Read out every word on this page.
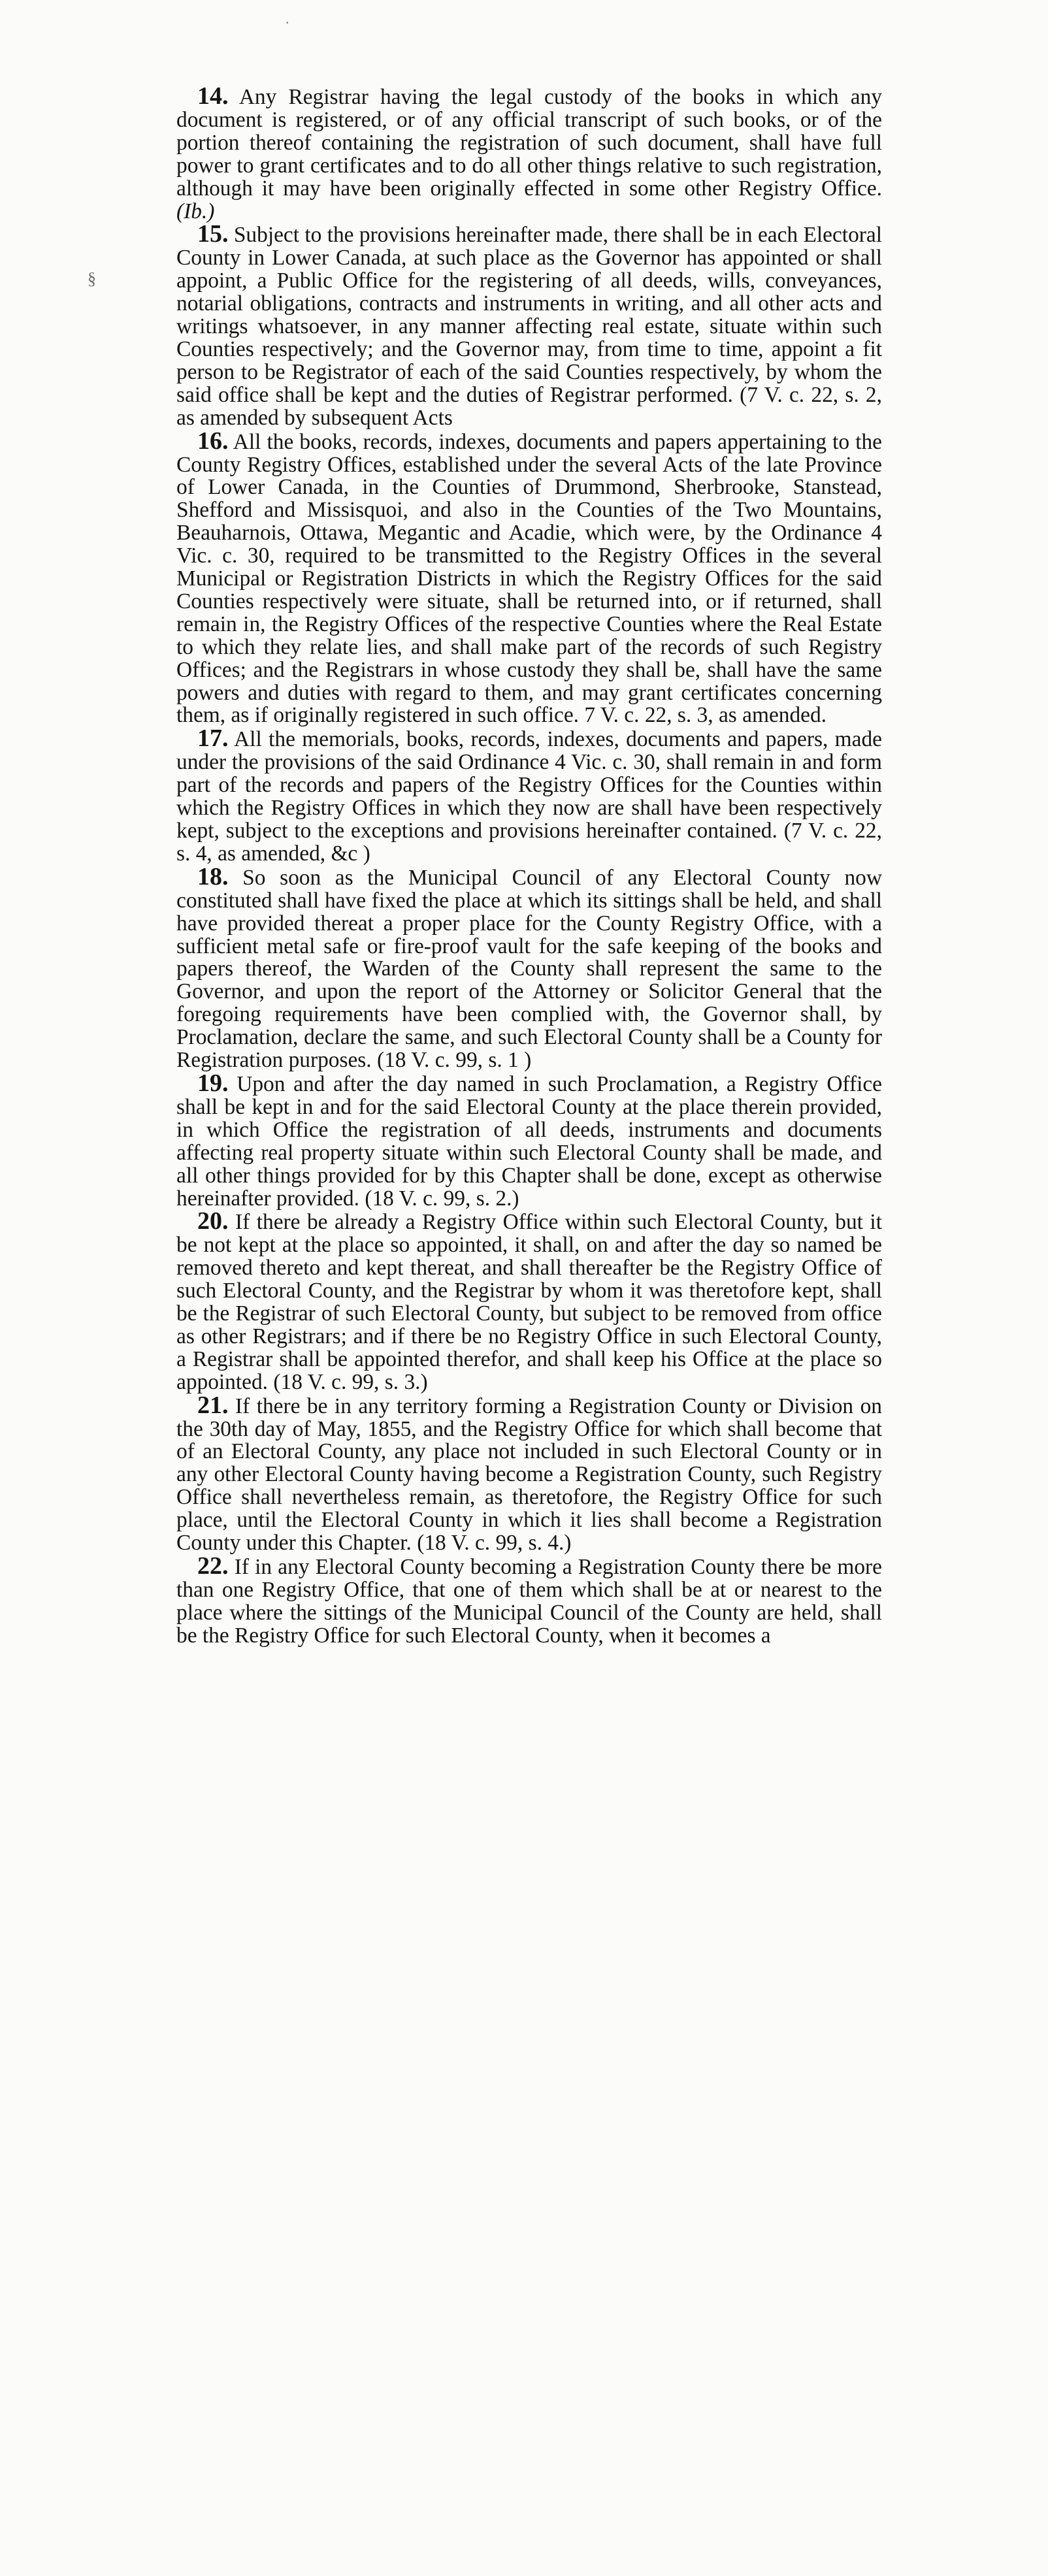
·
§

14. Any Registrar having the legal custody of the books in which any document is registered, or of any official transcript of such books, or of the portion thereof containing the registration of such document, shall have full power to grant certificates and to do all other things relative to such registration, although it may have been originally effected in some other Registry Office. (Ib.)

15. Subject to the provisions hereinafter made, there shall be in each Electoral County in Lower Canada, at such place as the Governor has appointed or shall appoint, a Public Office for the registering of all deeds, wills, conveyances, notarial obligations, contracts and instruments in writing, and all other acts and writings whatsoever, in any manner affecting real estate, situate within such Counties respectively; and the Governor may, from time to time, appoint a fit person to be Registrator of each of the said Counties respectively, by whom the said office shall be kept and the duties of Registrar performed. (7 V. c. 22, s. 2, as amended by subsequent Acts

16. All the books, records, indexes, documents and papers appertaining to the County Registry Offices, established under the several Acts of the late Province of Lower Canada, in the Counties of Drummond, Sherbrooke, Stanstead, Shefford and Missisquoi, and also in the Counties of the Two Mountains, Beauharnois, Ottawa, Megantic and Acadie, which were, by the Ordinance 4 Vic. c. 30, required to be transmitted to the Registry Offices in the several Municipal or Registration Districts in which the Registry Offices for the said Counties respectively were situate, shall be returned into, or if returned, shall remain in, the Registry Offices of the respective Counties where the Real Estate to which they relate lies, and shall make part of the records of such Registry Offices; and the Registrars in whose custody they shall be, shall have the same powers and duties with regard to them, and may grant certificates concerning them, as if originally registered in such office. 7 V. c. 22, s. 3, as amended.

17. All the memorials, books, records, indexes, documents and papers, made under the provisions of the said Ordinance 4 Vic. c. 30, shall remain in and form part of the records and papers of the Registry Offices for the Counties within which the Registry Offices in which they now are shall have been respectively kept, subject to the exceptions and provisions hereinafter contained. (7 V. c. 22, s. 4, as amended, &c )

18. So soon as the Municipal Council of any Electoral County now constituted shall have fixed the place at which its sittings shall be held, and shall have provided thereat a proper place for the County Registry Office, with a sufficient metal safe or fire-proof vault for the safe keeping of the books and papers thereof, the Warden of the County shall represent the same to the Governor, and upon the report of the Attorney or Solicitor General that the foregoing requirements have been complied with, the Governor shall, by Proclamation, declare the same, and such Electoral County shall be a County for Registration purposes. (18 V. c. 99, s. 1 )

19. Upon and after the day named in such Proclamation, a Registry Office shall be kept in and for the said Electoral County at the place therein provided, in which Office the registration of all deeds, instruments and documents affecting real property situate within such Electoral County shall be made, and all other things provided for by this Chapter shall be done, except as otherwise hereinafter provided. (18 V. c. 99, s. 2.)

20. If there be already a Registry Office within such Electoral County, but it be not kept at the place so appointed, it shall, on and after the day so named be removed thereto and kept thereat, and shall thereafter be the Registry Office of such Electoral County, and the Registrar by whom it was theretofore kept, shall be the Registrar of such Electoral County, but subject to be removed from office as other Registrars; and if there be no Registry Office in such Electoral County, a Registrar shall be appointed therefor, and shall keep his Office at the place so appointed. (18 V. c. 99, s. 3.)

21. If there be in any territory forming a Registration County or Division on the 30th day of May, 1855, and the Registry Office for which shall become that of an Electoral County, any place not included in such Electoral County or in any other Electoral County having become a Registration County, such Registry Office shall nevertheless remain, as theretofore, the Registry Office for such place, until the Electoral County in which it lies shall become a Registration County under this Chapter. (18 V. c. 99, s. 4.)

22. If in any Electoral County becoming a Registration County there be more than one Registry Office, that one of them which shall be at or nearest to the place where the sittings of the Municipal Council of the County are held, shall be the Registry Office for such Electoral County, when it becomes a
